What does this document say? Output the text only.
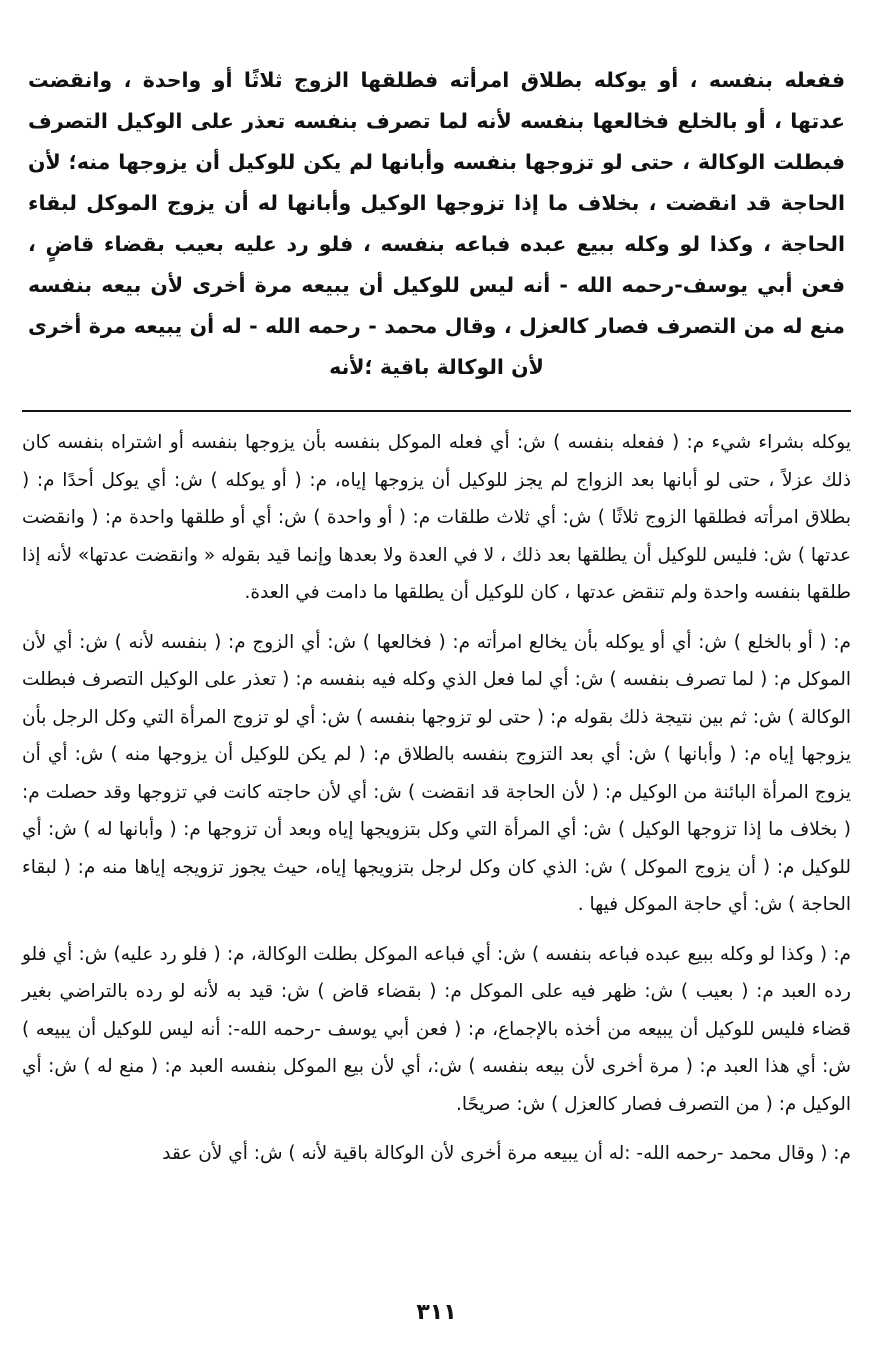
ففعله بنفسه ، أو يوكله بطلاق امرأته فطلقها الزوج ثلاثًا أو واحدة ، وانقضت عدتها ، أو بالخلع فخالعها بنفسه لأنه لما تصرف بنفسه تعذر على الوكيل التصرف فبطلت الوكالة ، حتى لو تزوجها بنفسه وأبانها لم يكن للوكيل أن يزوجها منه؛ لأن الحاجة قد انقضت ، بخلاف ما إذا تزوجها الوكيل وأبانها له أن يزوج الموكل لبقاء الحاجة ، وكذا لو وكله ببيع عبده فباعه بنفسه ، فلو رد عليه بعيب بقضاء قاضٍ ، فعن أبي يوسف-رحمه الله - أنه ليس للوكيل أن يبيعه مرة أخرى لأن بيعه بنفسه منع له من التصرف فصار كالعزل ، وقال محمد - رحمه الله - له أن يبيعه مرة أخرى لأن الوكالة باقية ؛لأنه

يوكله بشراء شيء م: ( ففعله بنفسه ) ش: أي فعله الموكل بنفسه بأن يزوجها بنفسه أو اشتراه بنفسه كان ذلك عزلاً ، حتى لو أبانها بعد الزواج لم يجز للوكيل أن يزوجها إياه، م: ( أو يوكله ) ش: أي يوكل أحدًا م: ( بطلاق امرأته فطلقها الزوج ثلاثًا ) ش: أي ثلاث طلقات م: ( أو واحدة ) ش: أي أو طلقها واحدة م: ( وانقضت عدتها ) ش: فليس للوكيل أن يطلقها بعد ذلك ، لا في العدة ولا بعدها وإنما قيد بقوله « وانقضت عدتها» لأنه إذا طلقها بنفسه واحدة ولم تنقض عدتها ، كان للوكيل أن يطلقها ما دامت في العدة.

م: ( أو بالخلع ) ش: أي أو يوكله بأن يخالع امرأته م: ( فخالعها ) ش: أي الزوج م: ( بنفسه لأنه ) ش: أي لأن الموكل م: ( لما تصرف بنفسه ) ش: أي لما فعل الذي وكله فيه بنفسه م: ( تعذر على الوكيل التصرف فبطلت الوكالة ) ش: ثم بين نتيجة ذلك بقوله م: ( حتى لو تزوجها بنفسه ) ش: أي لو تزوج المرأة التي وكل الرجل بأن يزوجها إياه م: ( وأبانها ) ش: أي بعد التزوج بنفسه بالطلاق م: ( لم يكن للوكيل أن يزوجها منه ) ش: أي أن يزوج المرأة البائنة من الوكيل م: ( لأن الحاجة قد انقضت ) ش: أي لأن حاجته كانت في تزوجها وقد حصلت م: ( بخلاف ما إذا تزوجها الوكيل ) ش: أي المرأة التي وكل بتزويجها إياه وبعد أن تزوجها م: ( وأبانها له ) ش: أي للوكيل م: ( أن يزوج الموكل ) ش: الذي كان وكل لرجل بتزويجها إياه، حيث يجوز تزويجه إياها منه م: ( لبقاء الحاجة ) ش: أي حاجة الموكل فيها .

م: ( وكذا لو وكله ببيع عبده فباعه بنفسه ) ش: أي فباعه الموكل بطلت الوكالة، م: ( فلو رد عليه) ش: أي فلو رده العبد م: ( بعيب ) ش: ظهر فيه على الموكل م: ( بقضاء قاض ) ش: قيد به لأنه لو رده بالتراضي بغير قضاء فليس للوكيل أن يبيعه من أخذه بالإجماع، م: ( فعن أبي يوسف -رحمه الله-: أنه ليس للوكيل أن يبيعه ) ش: أي هذا العبد م: ( مرة أخرى لأن بيعه بنفسه ) ش:، أي لأن بيع الموكل بنفسه العبد م: ( منع له ) ش: أي الوكيل م: ( من التصرف فصار كالعزل ) ش: صريحًا.

م: ( وقال محمد -رحمه الله- :له أن يبيعه مرة أخرى لأن الوكالة باقية لأنه ) ش: أي لأن عقد

٣١١
